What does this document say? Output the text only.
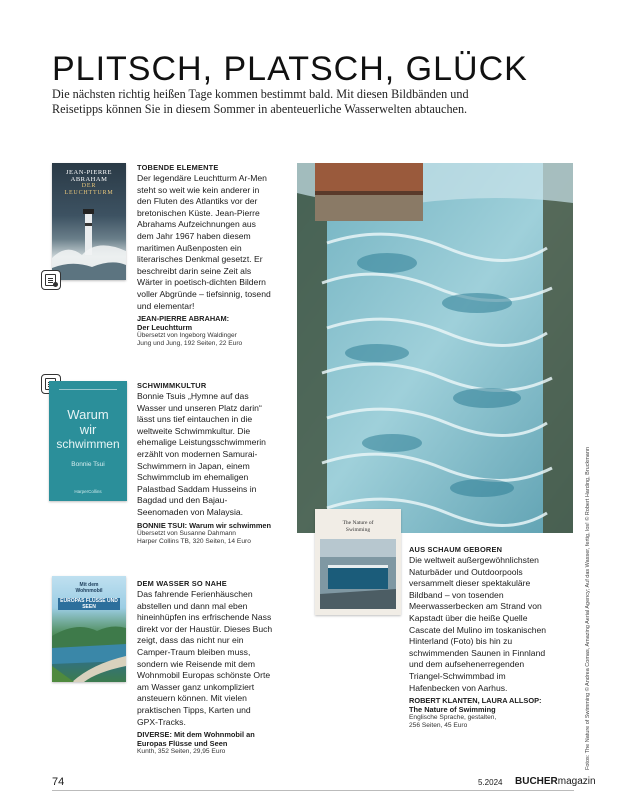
PLITSCH, PLATSCH, GLÜCK
Die nächsten richtig heißen Tage kommen bestimmt bald. Mit diesen Bildbänden und Reisetipps können Sie in diesem Sommer in abenteuerliche Wasserwelten abtauchen.
JEAN-PIERRE ABRAHAM
DER LEUCHTTURM
TOBENDE ELEMENTE
Der legendäre Leuchtturm Ar-Men steht so weit wie kein anderer in den Fluten des Atlantiks vor der bretonischen Küste. Jean-Pierre Abrahams Aufzeichnungen aus dem Jahr 1967 haben diesem maritimen Außenposten ein literarisches Denkmal gesetzt. Er beschreibt darin seine Zeit als Wärter in poetisch-dichten Bildern voller Abgründe – tiefsinnig, tosend und elementar!
JEAN-PIERRE ABRAHAM:
Der Leuchtturm
Übersetzt von Ingeborg Waldinger
Jung und Jung, 192 Seiten, 22 Euro
Warum
wir
schwimmen
Bonnie Tsui
HarperCollins
SCHWIMMKULTUR
Bonnie Tsuis „Hymne auf das Wasser und unseren Platz darin“ lässt uns tief eintauchen in die weltweite Schwimmkultur. Die ehemalige Leistungsschwimmerin erzählt von modernen Samurai-Schwimmern in Japan, einem Schwimmclub im ehemaligen Palastbad Saddam Husseins in Bagdad und den Bajau-Seenomaden von Malaysia.
BONNIE TSUI: Warum wir schwimmen
Übersetzt von Susanne Dahmann
Harper Collins TB, 320 Seiten, 14 Euro
Mit dem Wohnmobil
EUROPAS FLÜSSE UND SEEN
DEM WASSER SO NAHE
Das fahrende Ferienhäuschen abstellen und dann mal eben hineinhüpfen ins erfrischende Nass direkt vor der Haustür. Dieses Buch zeigt, dass das nicht nur ein Camper-Traum bleiben muss, sondern wie Reisende mit dem Wohnmobil Europas schönste Orte am Wasser ganz unkompliziert ansteuern können. Mit vielen praktischen Tipps, Karten und GPX-Tracks.
DIVERSE: Mit dem Wohnmobil an Europas Flüsse und Seen
Kunth, 352 Seiten, 29,95 Euro
The Nature of
Swimming
AUS SCHAUM GEBOREN
Die weltweit außergewöhnlichsten Naturbäder und Outdoorpools versammelt dieser spektakuläre Bildband – von tosenden Meerwasserbecken am Strand von Kapstadt über die heiße Quelle Cascate del Mulino im toskanischen Hinterland (Foto) bis hin zu schwimmenden Saunen in Finnland und dem aufsehenerregenden Triangel-Schwimmbad im Hafenbecken von Aarhus.
ROBERT KLANTEN, LAURA ALLSOP:
The Nature of Swimming
Englische Sprache, gestalten,
256 Seiten, 45 Euro	Fotos: The Nature of Swimming © Andrea Comas, Amazing Aerial Agency; Auf das Wasser, fertig, los! © Robert Harding, Bruckmann
74	5.2024 BUCHERmagazin
